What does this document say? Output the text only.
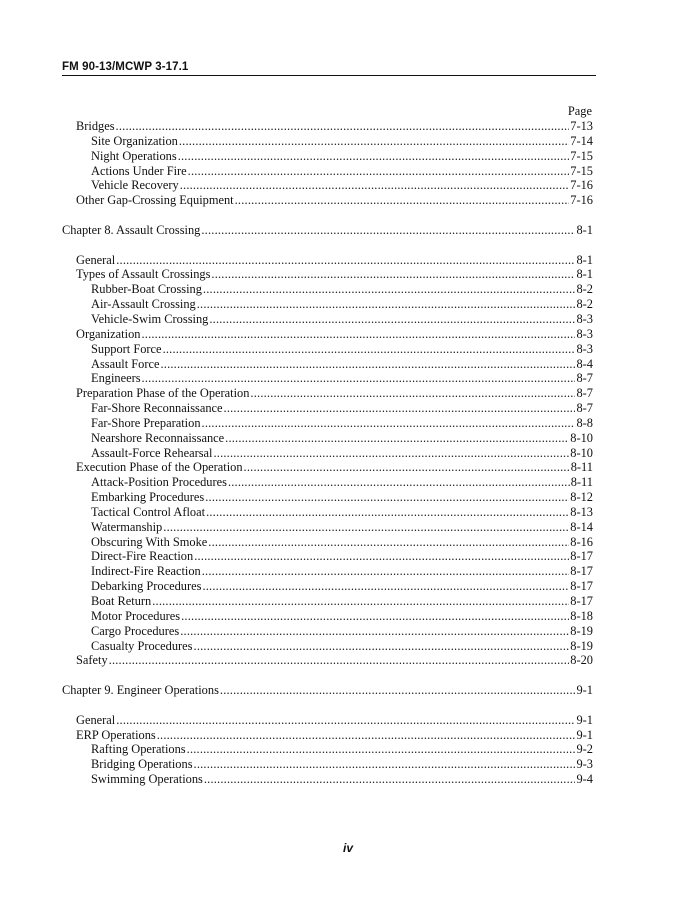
FM 90-13/MCWP 3-17.1
Page
Bridges .....	7-13
Site Organization .....	7-14
Night Operations .....	7-15
Actions Under Fire .....	7-15
Vehicle Recovery .....	7-16
Other Gap-Crossing Equipment .....	7-16
Chapter 8. Assault Crossing .....	8-1
General .....	8-1
Types of Assault Crossings .....	8-1
Rubber-Boat Crossing .....	8-2
Air-Assault Crossing .....	8-2
Vehicle-Swim Crossing .....	8-3
Organization .....	8-3
Support Force .....	8-3
Assault Force .....	8-4
Engineers .....	8-7
Preparation Phase of the Operation .....	8-7
Far-Shore Reconnaissance .....	8-7
Far-Shore Preparation .....	8-8
Nearshore Reconnaissance .....	8-10
Assault-Force Rehearsal .....	8-10
Execution Phase of the Operation .....	8-11
Attack-Position Procedures .....	8-11
Embarking Procedures .....	8-12
Tactical Control Afloat .....	8-13
Watermanship .....	8-14
Obscuring With Smoke .....	8-16
Direct-Fire Reaction .....	8-17
Indirect-Fire Reaction .....	8-17
Debarking Procedures .....	8-17
Boat Return .....	8-17
Motor Procedures .....	8-18
Cargo Procedures .....	8-19
Casualty Procedures .....	8-19
Safety .....	8-20
Chapter 9. Engineer Operations .....	9-1
General .....	9-1
ERP Operations .....	9-1
Rafting Operations .....	9-2
Bridging Operations .....	9-3
Swimming Operations .....	9-4
iv
